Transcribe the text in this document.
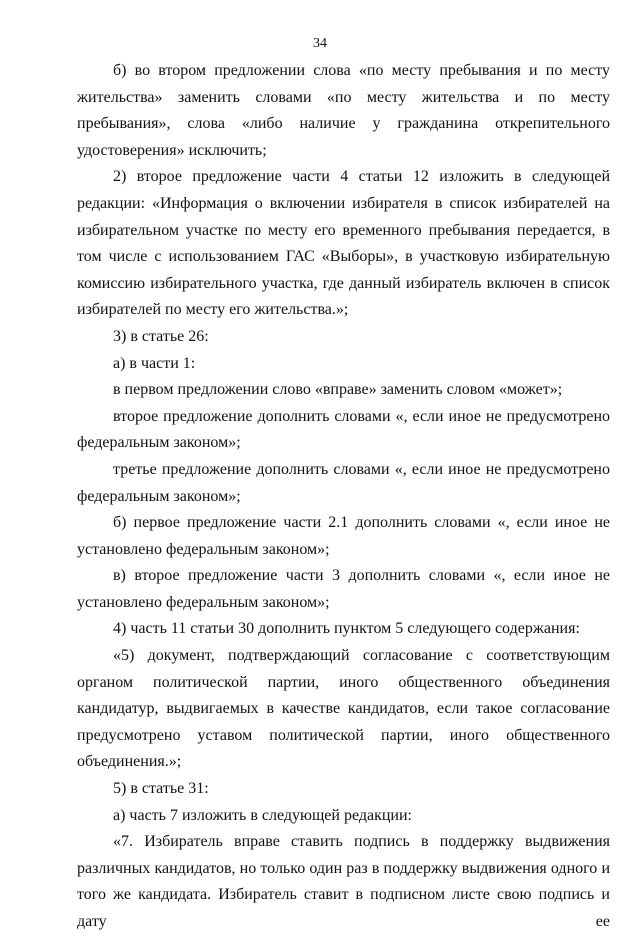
34

б) во втором предложении слова «по месту пребывания и по месту жительства» заменить словами «по месту жительства и по месту пребывания», слова «либо наличие у гражданина открепительного удостоверения» исключить;

2) второе предложение части 4 статьи 12 изложить в следующей редакции: «Информация о включении избирателя в список избирателей на избирательном участке по месту его временного пребывания передается, в том числе с использованием ГАС «Выборы», в участковую избирательную комиссию избирательного участка, где данный избиратель включен в список избирателей по месту его жительства.»;

3) в статье 26:

а) в части 1:

в первом предложении слово «вправе» заменить словом «может»;

второе предложение дополнить словами «, если иное не предусмотрено федеральным законом»;

третье предложение дополнить словами «, если иное не предусмотрено федеральным законом»;

б) первое предложение части 2.1 дополнить словами «, если иное не установлено федеральным законом»;

в) второе предложение части 3 дополнить словами «, если иное не установлено федеральным законом»;

4) часть 11 статьи 30 дополнить пунктом 5 следующего содержания:

«5) документ, подтверждающий согласование с соответствующим органом политической партии, иного общественного объединения кандидатур, выдвигаемых в качестве кандидатов, если такое согласование предусмотрено уставом политической партии, иного общественного объединения.»;

5) в статье 31:

а) часть 7 изложить в следующей редакции:

«7. Избиратель вправе ставить подпись в поддержку выдвижения различных кандидатов, но только один раз в поддержку выдвижения одного и того же кандидата. Избиратель ставит в подписном листе свою подпись и дату ее
